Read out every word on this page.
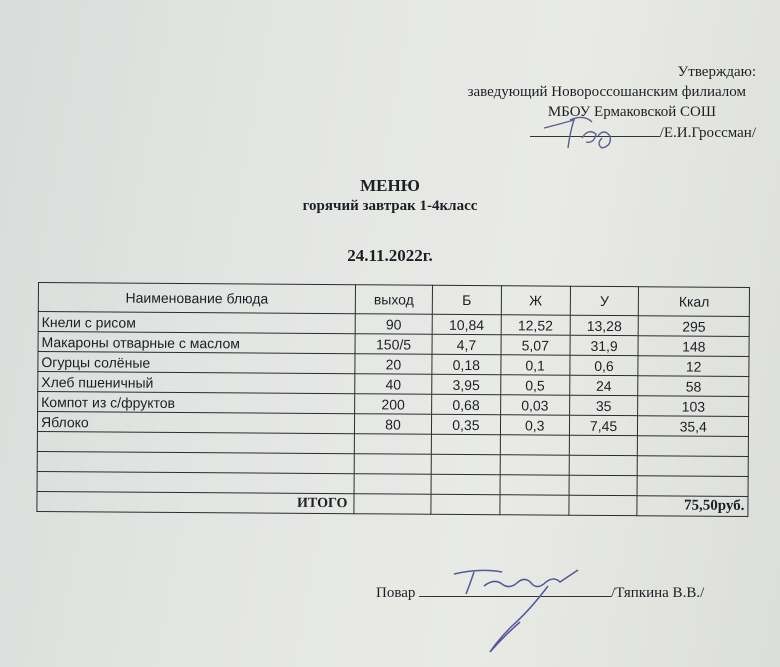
Утверждаю:
заведующий Новороссошанским филиалом
МБОУ Ермаковской СОШ
/Е.И.Гроссман/
МЕНЮ
горячий завтрак 1-4класс
24.11.2022г.
Наименование блюда	выход	Б	Ж	У	Ккал
Кнели с рисом	90	10,84	12,52	13,28	295
Макароны отварные с маслом	150/5	4,7	5,07	31,9	148
Огурцы солёные	20	0,18	0,1	0,6	12
Хлеб пшеничный	40	3,95	0,5	24	58
Компот из с/фруктов	200	0,68	0,03	35	103
Яблоко	80	0,35	0,3	7,45	35,4

ИТОГО					75,50руб.
Повар	/Тяпкина В.В./
